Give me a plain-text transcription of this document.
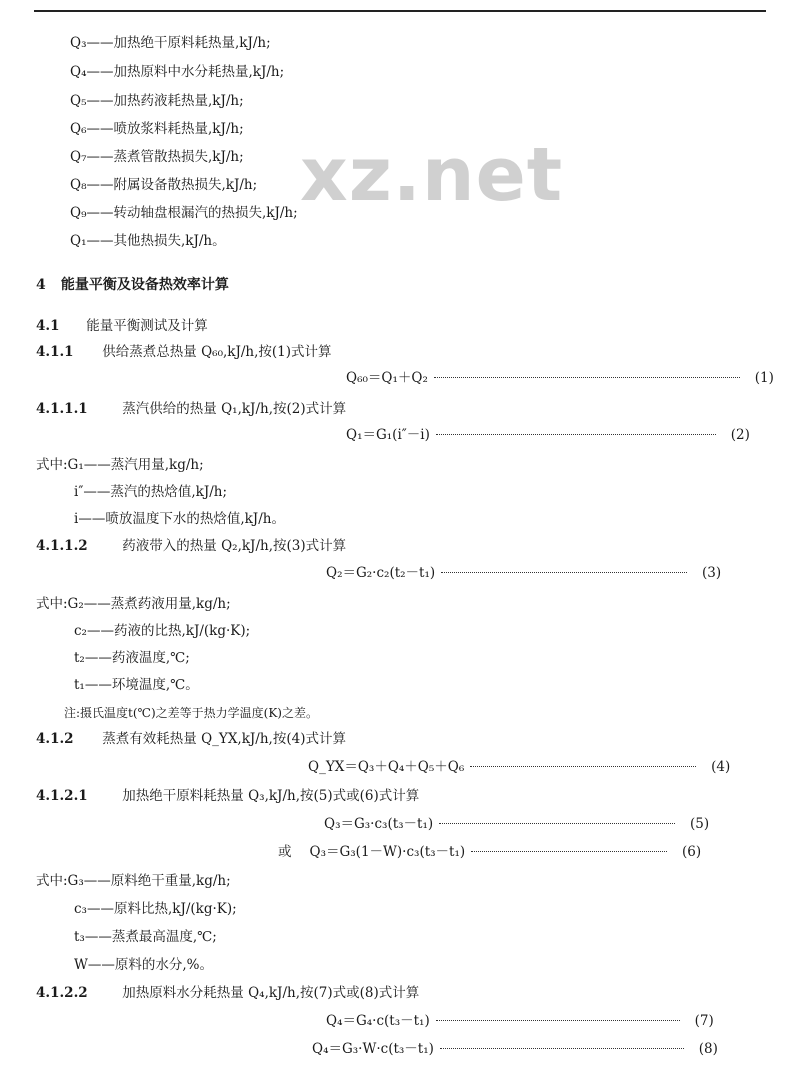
xz.net
Q₃——加热绝干原料耗热量,kJ/h;
Q₄——加热原料中水分耗热量,kJ/h;
Q₅——加热药液耗热量,kJ/h;
Q₆——喷放浆料耗热量,kJ/h;
Q₇——蒸煮管散热损失,kJ/h;
Q₈——附属设备散热损失,kJ/h;
Q₉——转动轴盘根漏汽的热损失,kJ/h;
Q₁——其他热损失,kJ/h。
4 能量平衡及设备热效率计算
4.1 能量平衡测试及计算
4.1.1 供给蒸煮总热量 Q₆₀,kJ/h,按(1)式计算
Q₆₀＝Q₁＋Q₂	(1)
4.1.1.1	蒸汽供给的热量 Q₁,kJ/h,按(2)式计算
Q₁＝G₁(i″－i)	(2)
式中:G₁——蒸汽用量,kg/h;
i″——蒸汽的热焓值,kJ/h;
i——喷放温度下水的热焓值,kJ/h。
4.1.1.2	药液带入的热量 Q₂,kJ/h,按(3)式计算
Q₂＝G₂·c₂(t₂－t₁)	(3)
式中:G₂——蒸煮药液用量,kg/h;
c₂——药液的比热,kJ/(kg·K);
t₂——药液温度,℃;
t₁——环境温度,℃。
注:摄氏温度t(℃)之差等于热力学温度(K)之差。
4.1.2 蒸煮有效耗热量 Q_YX,kJ/h,按(4)式计算
Q_YX＝Q₃＋Q₄＋Q₅＋Q₆	(4)
4.1.2.1	加热绝干原料耗热量 Q₃,kJ/h,按(5)式或(6)式计算
Q₃＝G₃·c₃(t₃－t₁)	(5)
或 Q₃＝G₃(1－W)·c₃(t₃－t₁)	(6)
式中:G₃——原料绝干重量,kg/h;
c₃——原料比热,kJ/(kg·K);
t₃——蒸煮最高温度,℃;
W——原料的水分,%。
4.1.2.2	加热原料水分耗热量 Q₄,kJ/h,按(7)式或(8)式计算
Q₄＝G₄·c(t₃－t₁)	(7)
Q₄＝G₃·W·c(t₃－t₁)	(8)
